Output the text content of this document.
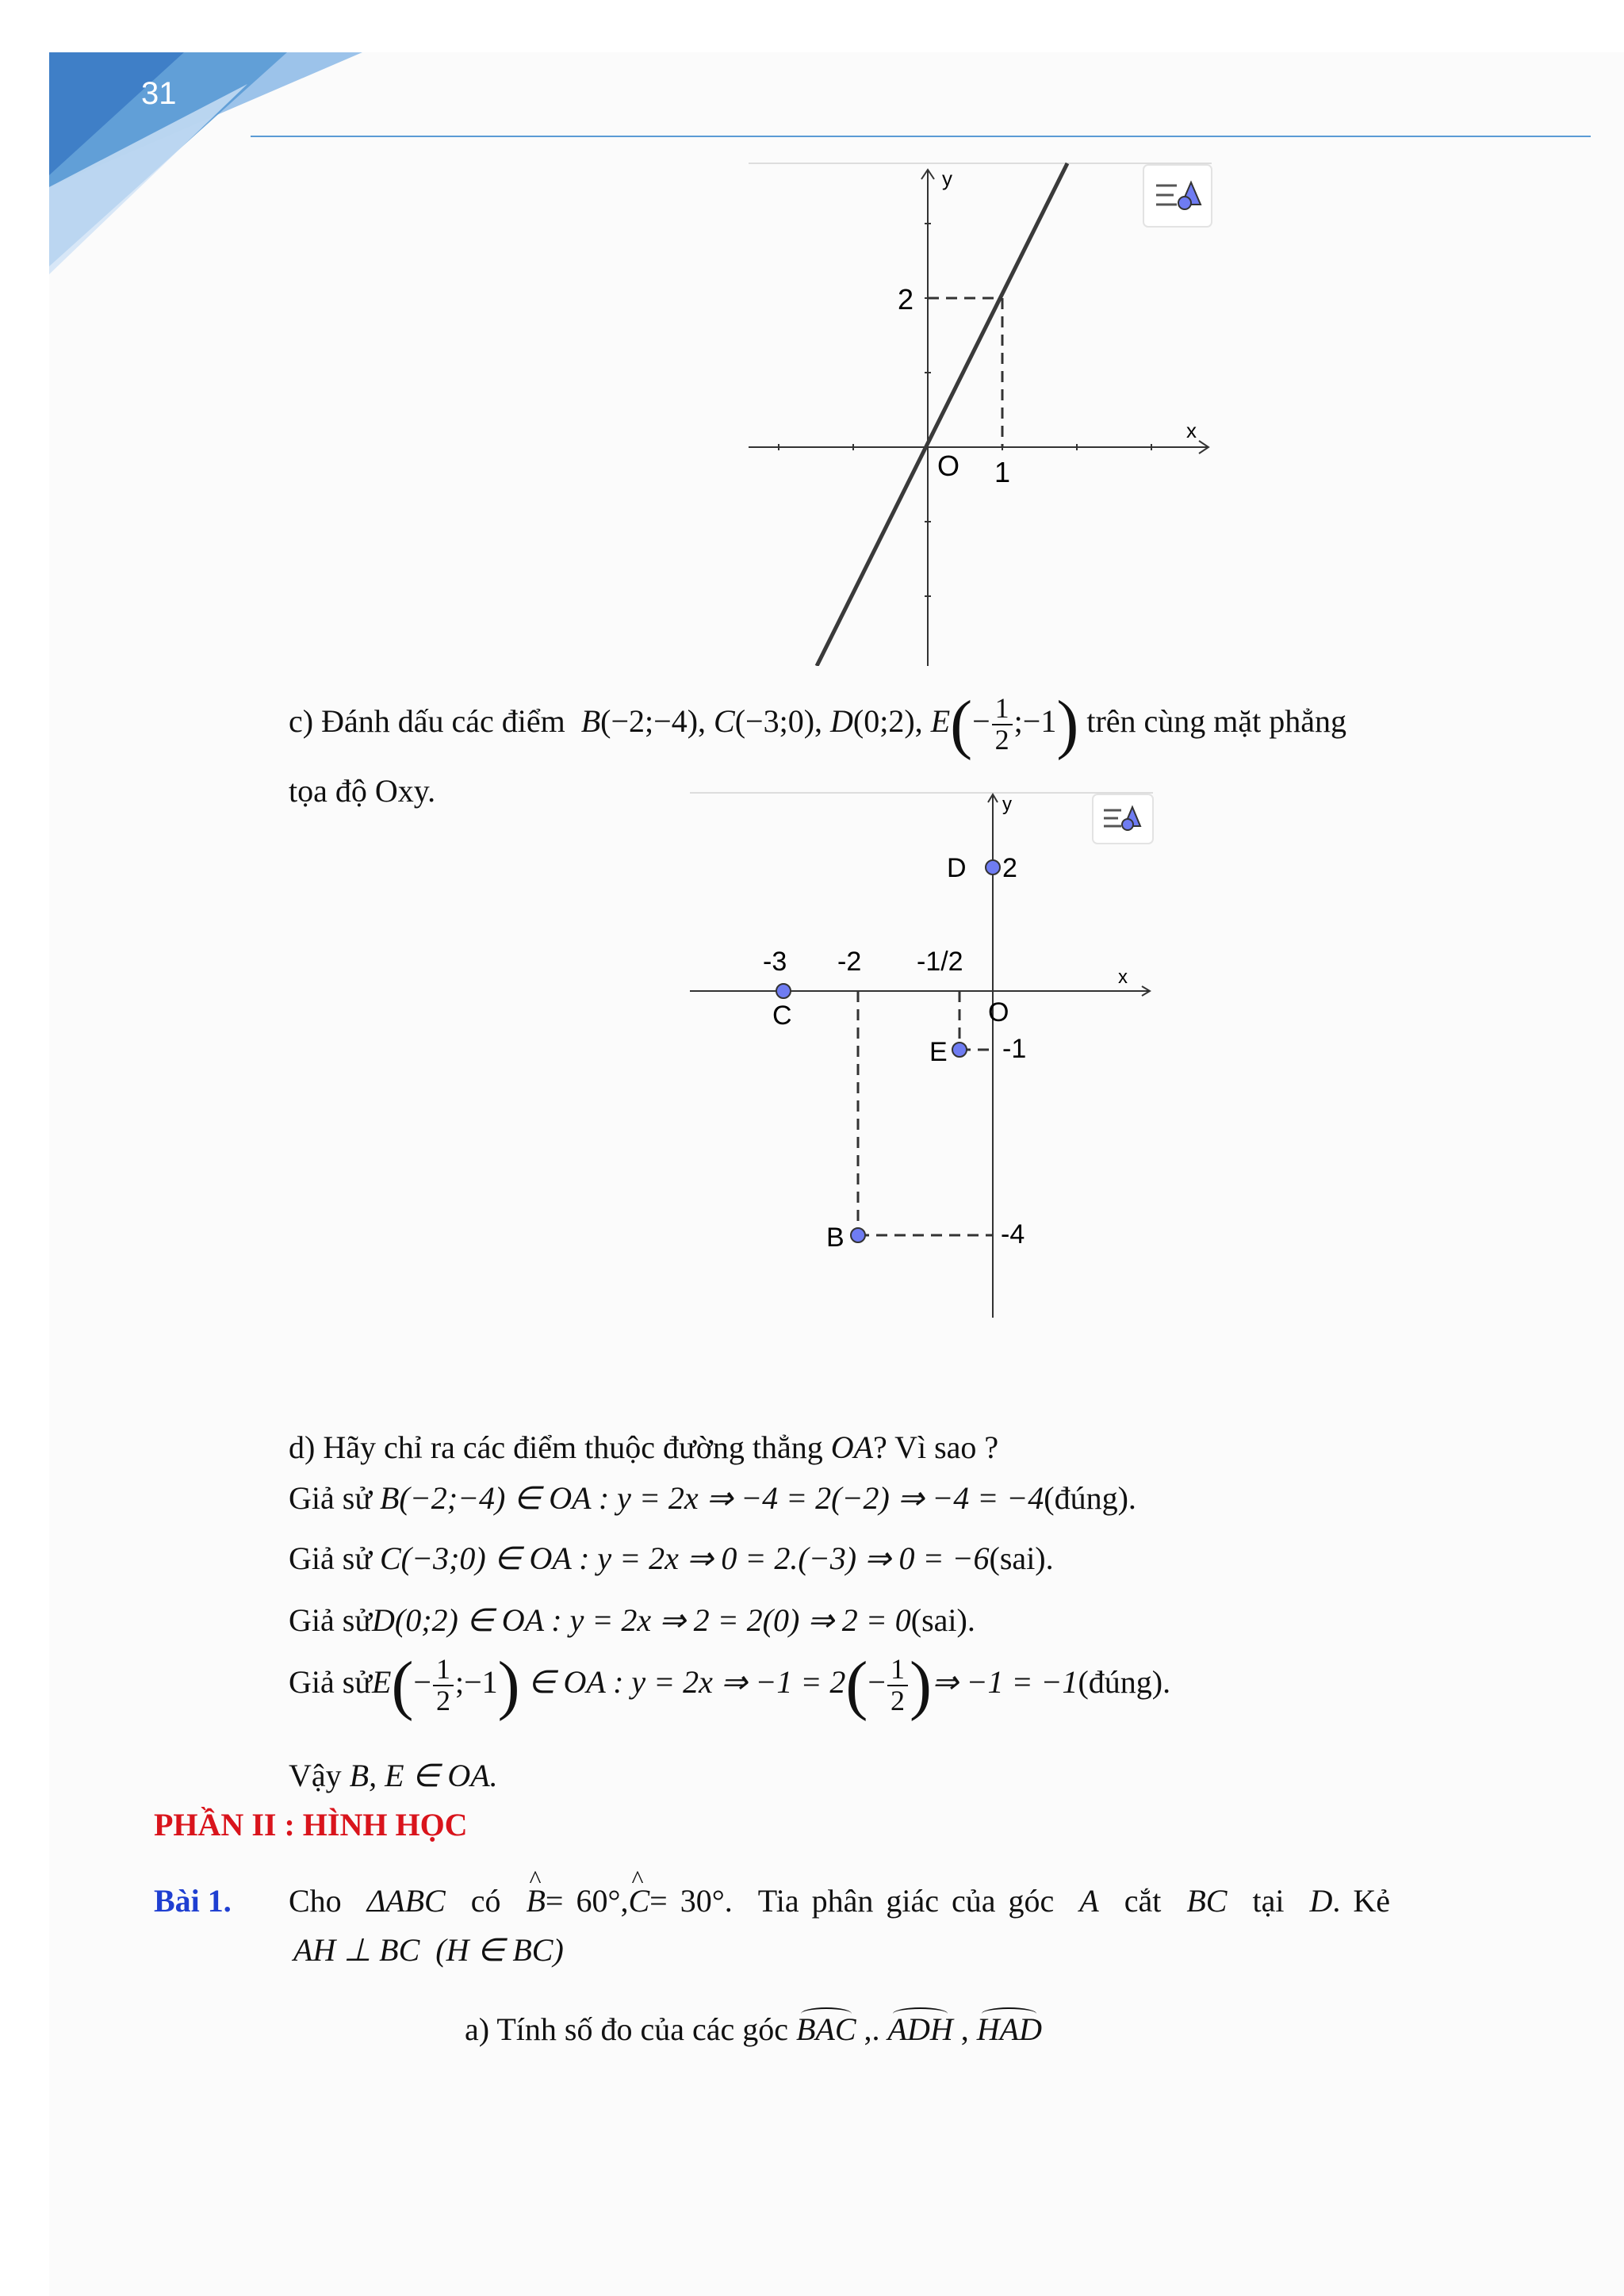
31
y
x
O
2
1
c) Đánh dấu các điểm B(−2;−4), C(−3;0), D(0;2), $E(- \frac{1}{2}$ ;−1) trên cùng mặt phẳng
tọa độ Oxy.	y
x
O
-3 -2 -1/2
D 2
C
E -1
B	-4
d) Hãy chỉ ra các điểm thuộc đường thẳng OA? Vì sao ?
Giả sử B(−2;−4) ∈ OA : y = 2x ⇒ −4 = 2(−2) ⇒ −4 = −4(đúng).
Giả sử C(−3;0) ∈ OA : y = 2x ⇒ 0 = 2.(−3) ⇒ 0 = −6(sai).
Giả sửD(0;2) ∈ OA : y = 2x ⇒ 2 = 2(0) ⇒ 2 = 0(sai).
Giả sửE(− $\frac{1}{2}$ ;−1) ∈ OA : y = 2x ⇒ $-1 = 2(- \frac{1}{2}$ )⇒ −1 = −1(đúng).
Vậy B, E ∈ OA.
PHẦN II : HÌNH HỌC
Bài 1. Cho ΔABC có  ^ B= 60°,^ C= 30°. Tia phân giác của góc A cắt BC tại D. Kẻ
AH ⊥ BC (H ∈ BC)
a) Tính số đo của các góc BAC ,. ADH , HAD
